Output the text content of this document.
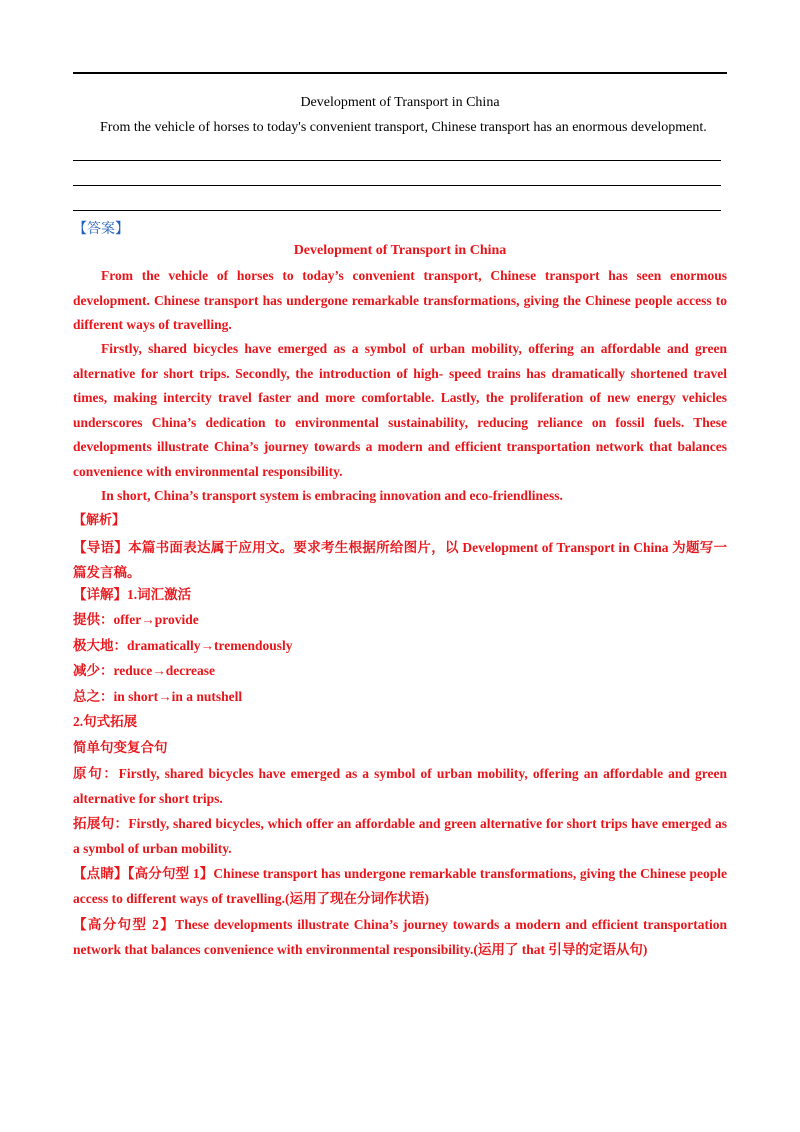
Development of Transport in China
From the vehicle of horses to today's convenient transport, Chinese transport has an enormous development.
【答案】
Development of Transport in China

From the vehicle of horses to today’s convenient transport, Chinese transport has seen enormous development. Chinese transport has undergone remarkable transformations, giving the Chinese people access to different ways of travelling.

Firstly, shared bicycles have emerged as a symbol of urban mobility, offering an affordable and green alternative for short trips. Secondly, the introduction of high- speed trains has dramatically shortened travel times, making intercity travel faster and more comfortable. Lastly, the proliferation of new energy vehicles underscores China’s dedication to environmental sustainability, reducing reliance on fossil fuels. These developments illustrate China’s journey towards a modern and efficient transportation network that balances convenience with environmental responsibility.

In short, China’s transport system is embracing innovation and eco-friendliness.

【解析】

【导语】本篇书面表达属于应用文。要求考生根据所给图片，以 Development of Transport in China 为题写一篇发言稿。

【详解】1.词汇激活
提供：offer→provide
极大地：dramatically→tremendously
减少：reduce→decrease
总之：in short→in a nutshell
2.句式拓展
简单句变复合句

原句：Firstly, shared bicycles have emerged as a symbol of urban mobility, offering an affordable and green alternative for short trips.

拓展句：Firstly, shared bicycles, which offer an affordable and green alternative for short trips have emerged as a symbol of urban mobility.

【点睛】【高分句型 1】Chinese transport has undergone remarkable transformations, giving the Chinese people access to different ways of travelling.(运用了现在分词作状语)

【高分句型 2】These developments illustrate China’s journey towards a modern and efficient transportation network that balances convenience with environmental responsibility.(运用了 that 引导的定语从句)
